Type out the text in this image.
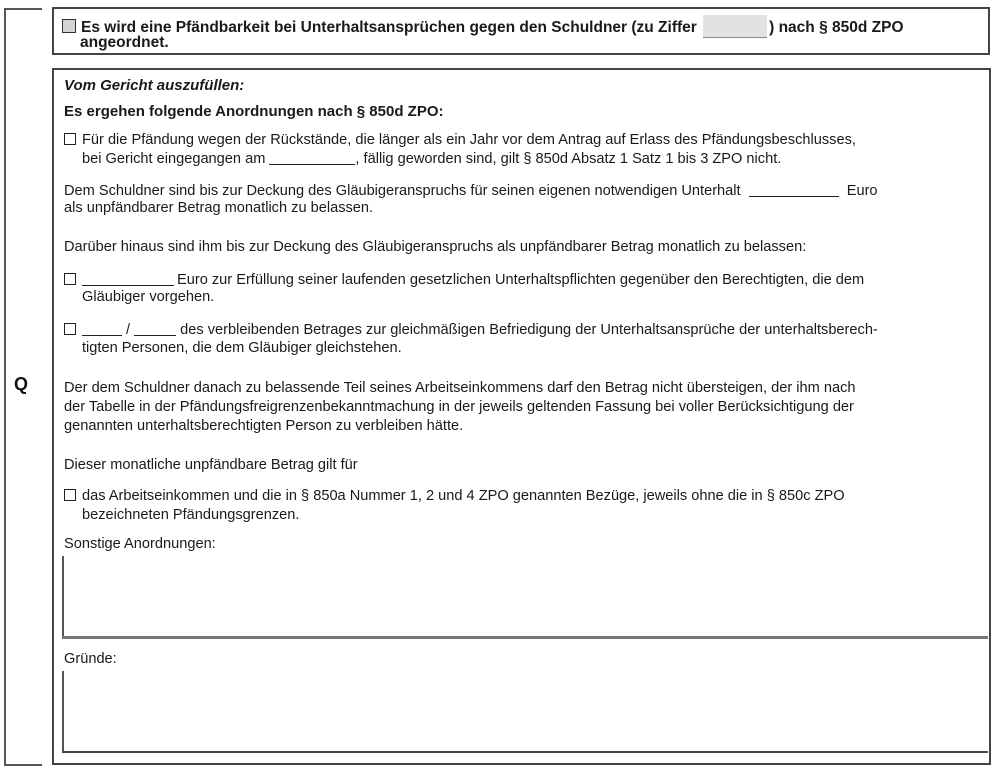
Q
Es wird eine Pfändbarkeit bei Unterhaltsansprüchen gegen den Schuldner (zu Ziffer	) nach § 850d ZPO
angeordnet.
Vom Gericht auszufüllen:
Es ergehen folgende Anordnungen nach § 850d ZPO:
Für die Pfändung wegen der Rückstände, die länger als ein Jahr vor dem Antrag auf Erlass des Pfändungsbeschlusses,
bei Gericht eingegangen am	, fällig geworden sind, gilt § 850d Absatz 1 Satz 1 bis 3 ZPO nicht.
Dem Schuldner sind bis zur Deckung des Gläubigeranspruchs für seinen eigenen notwendigen Unterhalt	Euro
als unpfändbarer Betrag monatlich zu belassen.
Darüber hinaus sind ihm bis zur Deckung des Gläubigeranspruchs als unpfändbarer Betrag monatlich zu belassen:
Euro zur Erfüllung seiner laufenden gesetzlichen Unterhaltspflichten gegenüber den Berechtigten, die dem
Gläubiger vorgehen.
/	des verbleibenden Betrages zur gleichmäßigen Befriedigung der Unterhaltsansprüche der unterhaltsberech-
tigten Personen, die dem Gläubiger gleichstehen.
Der dem Schuldner danach zu belassende Teil seines Arbeitseinkommens darf den Betrag nicht übersteigen, der ihm nach
der Tabelle in der Pfändungsfreigrenzenbekanntmachung in der jeweils geltenden Fassung bei voller Berücksichtigung der
genannten unterhaltsberechtigten Person zu verbleiben hätte.
Dieser monatliche unpfändbare Betrag gilt für
das Arbeitseinkommen und die in § 850a Nummer 1, 2 und 4 ZPO genannten Bezüge, jeweils ohne die in § 850c ZPO
bezeichneten Pfändungsgrenzen.
Sonstige Anordnungen:
Gründe:
